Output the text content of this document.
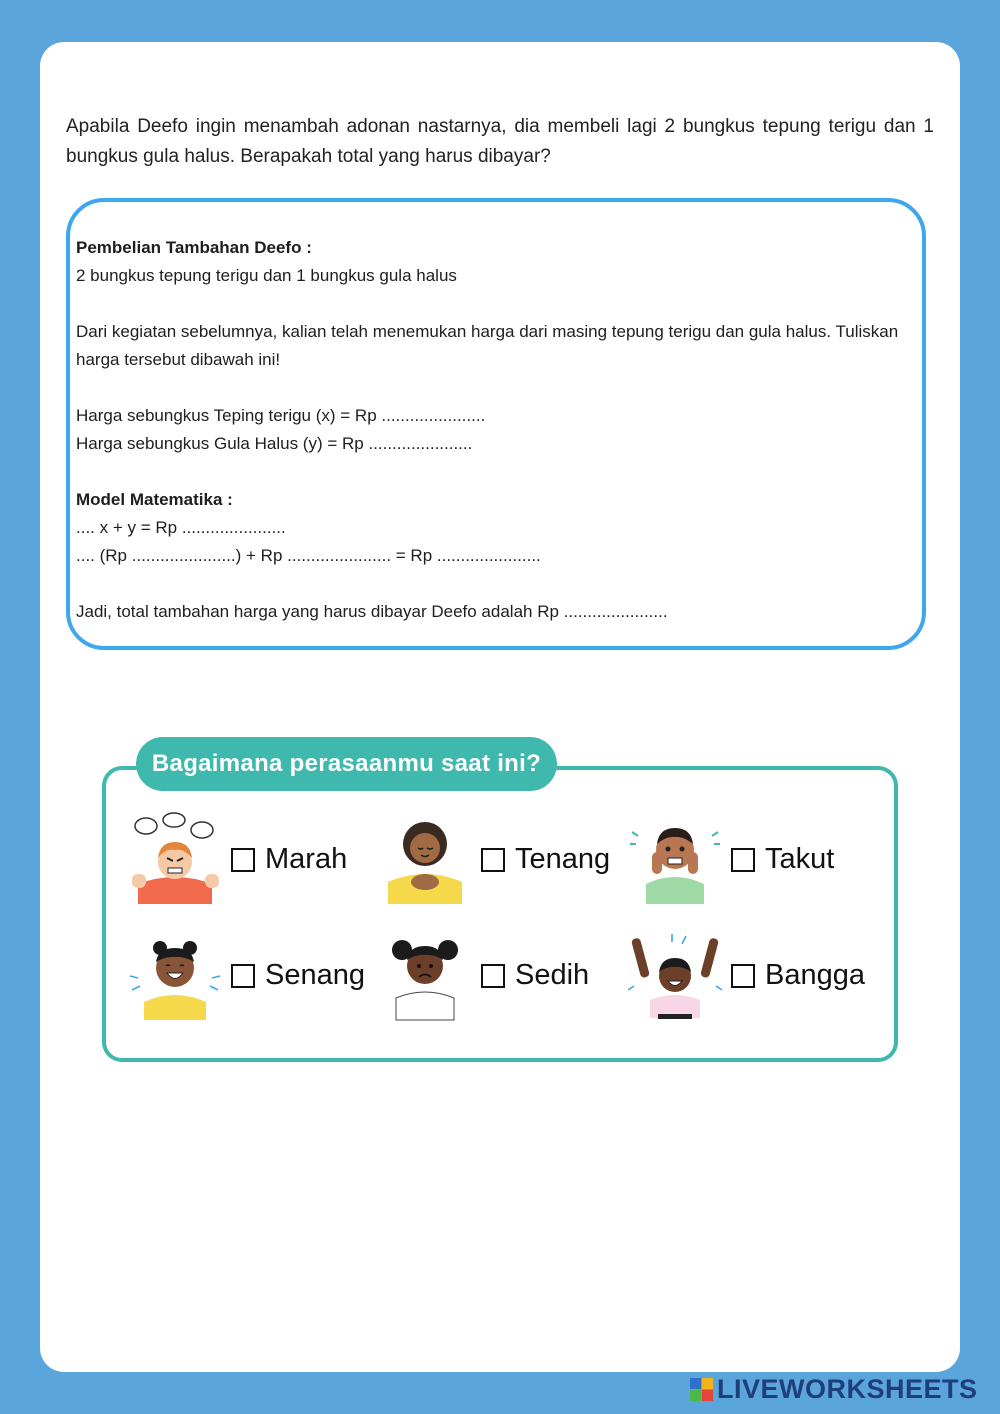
Apabila Deefo ingin menambah adonan nastarnya, dia membeli lagi 2 bungkus tepung terigu dan 1 bungkus gula halus. Berapakah total yang harus dibayar?

Pembelian Tambahan Deefo :
2 bungkus tepung terigu dan 1 bungkus gula halus
Dari kegiatan sebelumnya, kalian telah menemukan harga dari masing tepung terigu dan gula halus. Tuliskan harga tersebut dibawah ini!
Harga sebungkus Teping terigu (x) = Rp ......................
Harga sebungkus Gula Halus (y) = Rp ......................
Model Matematika :
.... x + y = Rp ......................
.... (Rp ......................) + Rp ...................... = Rp ......................
Jadi, total tambahan harga yang harus dibayar Deefo adalah Rp ......................
Bagaimana perasaanmu saat ini?
Marah	Tenang	Takut
Senang	Sedih	Bangga
LIVEWORKSHEETS
